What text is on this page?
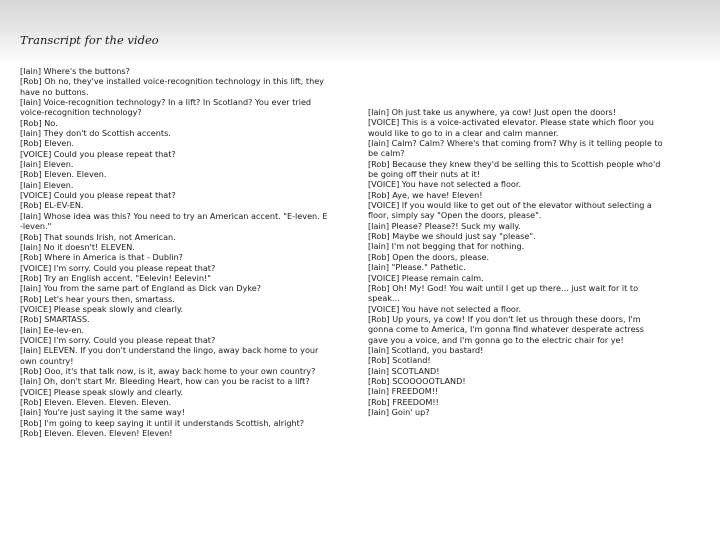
Transcript for the video
[Iain] Where's the buttons?
[Rob] Oh no, they've installed voice-recognition technology in this lift, they
have no buttons.
[Iain] Voice-recognition technology? In a lift? In Scotland? You ever tried
voice-recognition technology?
[Rob] No.
[Iain] They don't do Scottish accents.
[Rob] Eleven.
[VOICE] Could you please repeat that?
[Iain] Eleven.
[Rob] Eleven. Eleven.
[Iain] Eleven.
[VOICE] Could you please repeat that?
[Rob] EL-EV-EN.
[Iain] Whose idea was this? You need to try an American accent. "E-leven. E
-leven."
[Rob] That sounds Irish, not American.
[Iain] No it doesn't! ELEVEN.
[Rob] Where in America is that - Dublin?
[VOICE] I'm sorry. Could you please repeat that?
[Rob] Try an English accent. "Eelevin! Eelevin!"
[Iain] You from the same part of England as Dick van Dyke?
[Rob] Let's hear yours then, smartass.
[VOICE] Please speak slowly and clearly.
[Rob] SMARTASS.
[Iain] Ee-lev-en.
[VOICE] I'm sorry. Could you please repeat that?
[Iain] ELEVEN. If you don't understand the lingo, away back home to your
own country!
[Rob] Ooo, it's that talk now, is it, away back home to your own country?
[Iain] Oh, don't start Mr. Bleeding Heart, how can you be racist to a lift?
[VOICE] Please speak slowly and clearly.
[Rob] Eleven. Eleven. Eleven. Eleven.
[Iain] You're just saying it the same way!
[Rob] I'm going to keep saying it until it understands Scottish, alright?
[Rob] Eleven. Eleven. Eleven! Eleven!
[Iain] Oh just take us anywhere, ya cow! Just open the doors!
[VOICE] This is a voice-activated elevator. Please state which floor you
would like to go to in a clear and calm manner.
[Iain] Calm? Calm? Where's that coming from? Why is it telling people to
be calm?
[Rob] Because they knew they'd be selling this to Scottish people who'd
be going off their nuts at it!
[VOICE] You have not selected a floor.
[Rob] Aye, we have! Eleven!
[VOICE] If you would like to get out of the elevator without selecting a
floor, simply say "Open the doors, please".
[Iain] Please? Please?! Suck my wally.
[Rob] Maybe we should just say "please".
[Iain] I'm not begging that for nothing.
[Rob] Open the doors, please.
[Iain] "Please." Pathetic.
[VOICE] Please remain calm.
[Rob] Oh! My! God! You wait until I get up there... just wait for it to
speak...
[VOICE] You have not selected a floor.
[Rob] Up yours, ya cow! If you don't let us through these doors, I'm
gonna come to America, I'm gonna find whatever desperate actress
gave you a voice, and I'm gonna go to the electric chair for ye!
[Iain] Scotland, you bastard!
[Rob] Scotland!
[Iain] SCOTLAND!
[Rob] SCOOOOOTLAND!
[Iain] FREEDOM!!
[Rob] FREEDOM!!
[Iain] Goin' up?
